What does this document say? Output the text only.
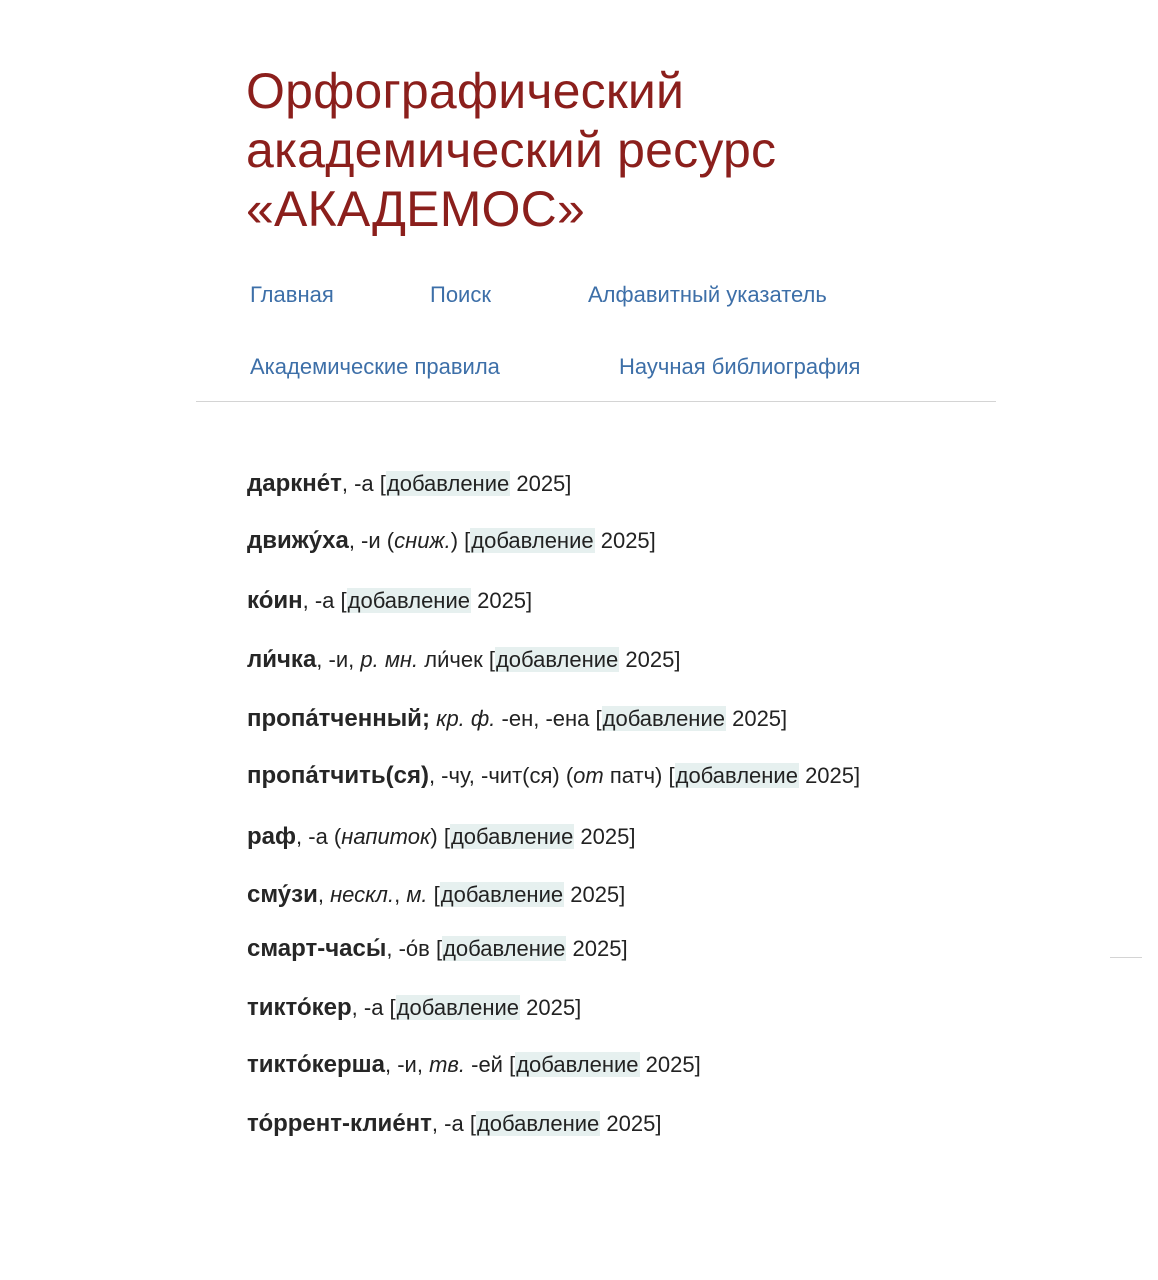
Орфографический
академический ресурс
«АКАДЕМОС»
Главная	Поиск	Алфавитный указатель
Академические правила	Научная библиография
даркне́т, -а [добавление 2025]
движу́ха, -и (сниж.) [добавление 2025]
ко́ин, -а [добавление 2025]
ли́чка, -и, р. мн. ли́чек [добавление 2025]
пропа́тченный; кр. ф. -ен, -ена [добавление 2025]
пропа́тчить(ся), -чу, -чит(ся) (от патч) [добавление 2025]
раф, -а (напиток) [добавление 2025]
сму́зи, нескл., м. [добавление 2025]
смарт-часы́, -о́в [добавление 2025]
тикто́кер, -а [добавление 2025]
тикто́керша, -и, тв. -ей [добавление 2025]
то́ррент-клие́нт, -а [добавление 2025]
